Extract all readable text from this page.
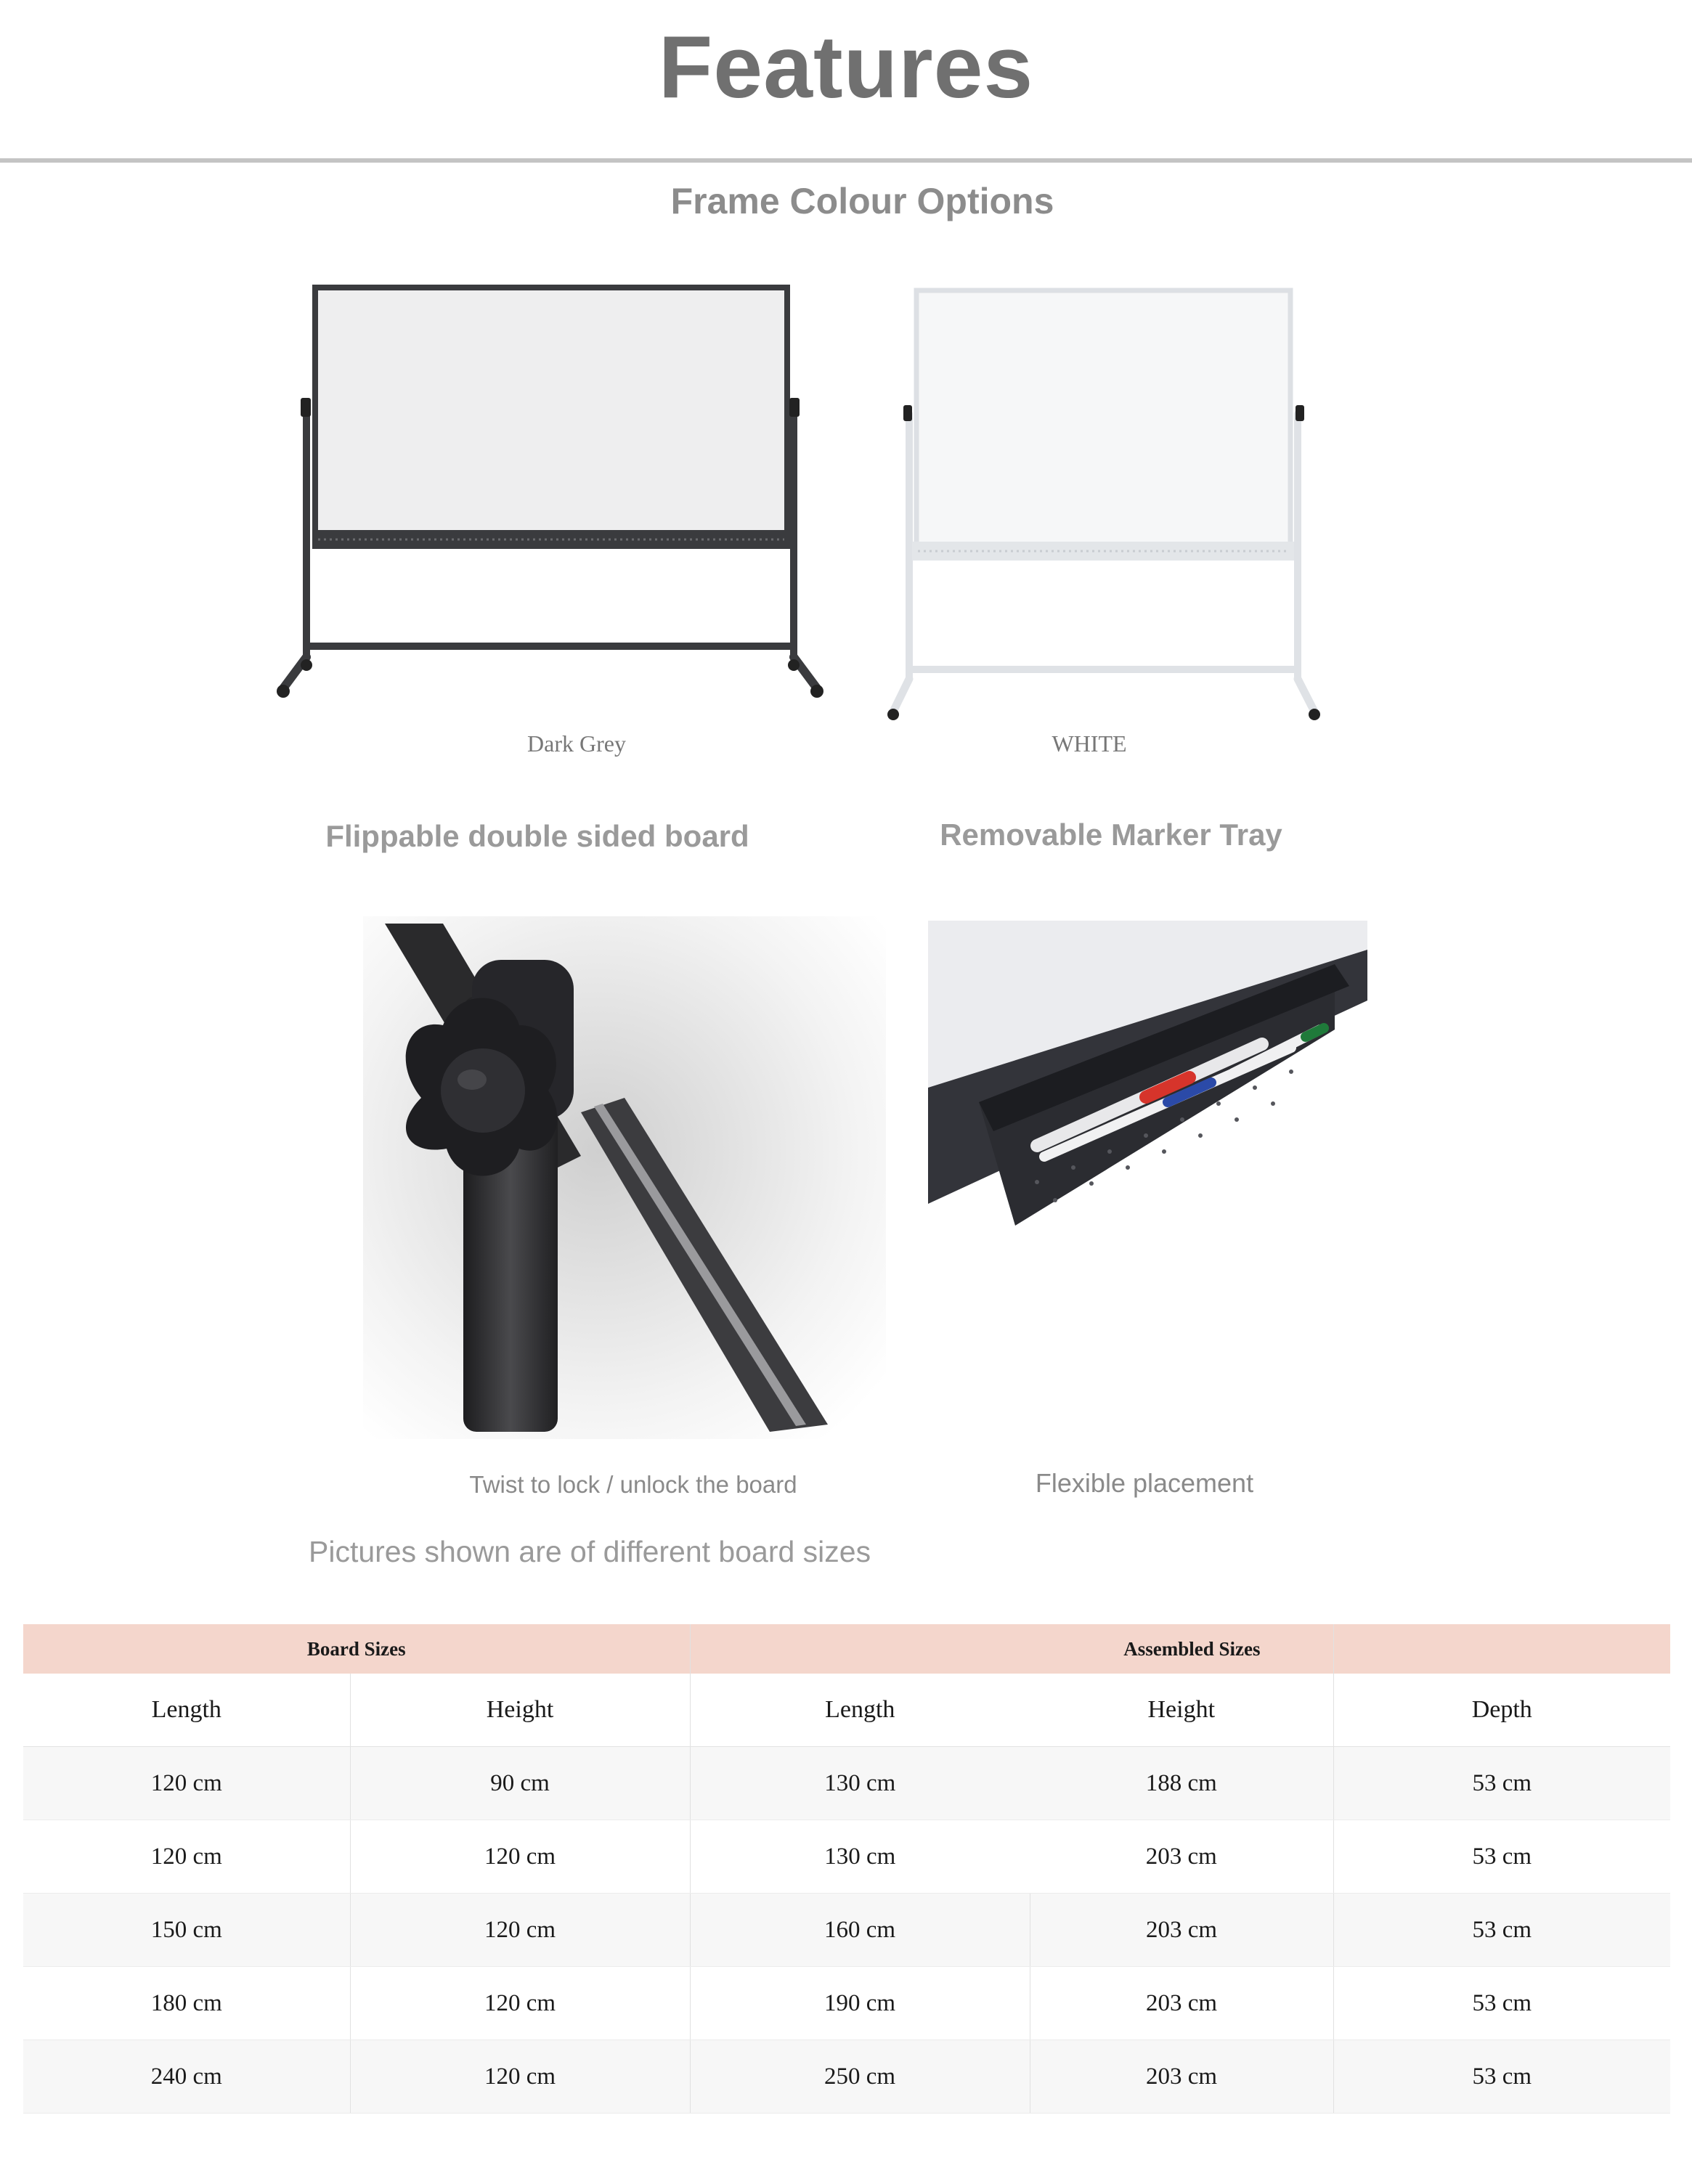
Features
Frame Colour Options
Dark Grey	WHITE
Flippable double sided board	Removable Marker Tray
Twist to lock / unlock the board	Flexible placement
Pictures shown are of different board sizes
Board Sizes		Assembled Sizes		
Length	Height	Length	Height	Depth
120 cm	90 cm	130 cm	188 cm	53 cm
120 cm	120 cm	130 cm	203 cm	53 cm
150 cm	120 cm	160 cm	203 cm	53 cm
180 cm	120 cm	190 cm	203 cm	53 cm
240 cm	120 cm	250 cm	203 cm	53 cm
